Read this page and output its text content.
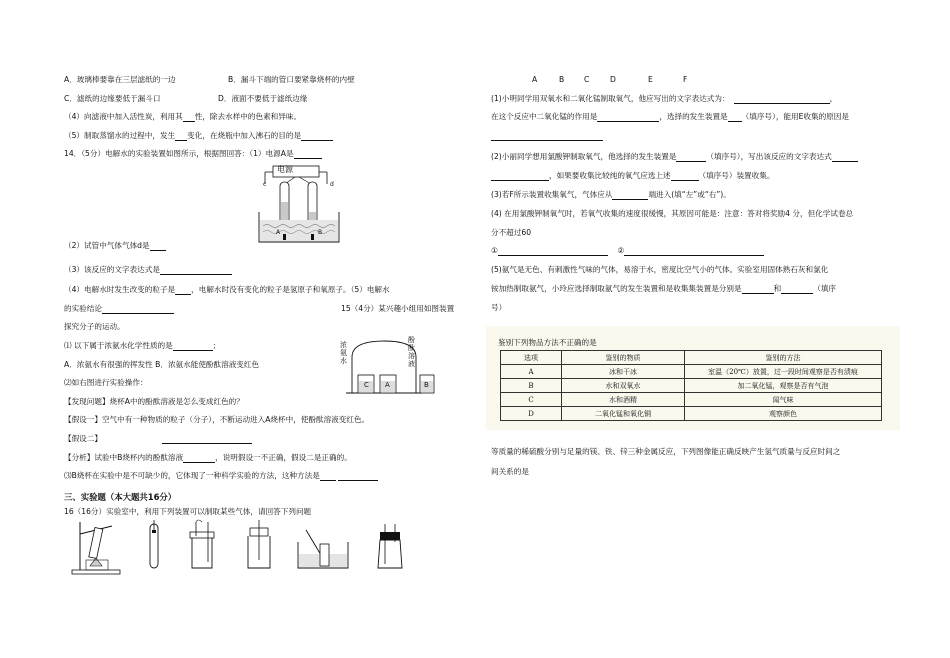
A．玻璃棒要靠在三层滤纸的一边	B．漏斗下端的管口要紧靠烧杯的内壁
C．滤纸的边缘要低于漏斗口	D．液面不要低于滤纸边缘
（4）向滤液中加入活性炭，利用其 性，除去水样中的色素和异味。
（5）制取蒸馏水的过程中，发生 变化，在烧瓶中加入沸石的目的是
14．（5分）电解水的实验装置如图所示，根据图回答：（1）电源A是
电源
c	d
A	B
（2）试管中气体气体d是
（3）该反应的文字表达式是
（4）电解水时发生改变的粒子是 ，电解水时没有变化的粒子是氢原子和氧原子。（5）电解水
的实验结论	15（4分）某兴趣小组用如图装置
探究分子的运动。
⑴ 以下属于浓氨水化学性质的是	；
A．浓氨水有很强的挥发性 B．浓氨水能使酚酞溶液变红色
⑵如右图进行实验操作：
【发现问题】烧杯A中的酚酞溶液是怎么变成红色的？
【假设一】空气中有一种物质的粒子（分子），不断运动进入A烧杯中，使酚酞溶液变红色。
【假设二】
【分析】试验中B烧杯内的酚酞溶液	，说明假设一不正确，假设二是正确的。
⑶B烧杯在实验中是不可缺少的，它体现了一种科学实验的方法，这种方法是
浓氨水
酚酞溶液
C A	B
三、实验题（本大题共16分）
16（16分）实验室中，利用下列装置可以制取某些气体，请回答下列问题
A	B	C	D	E	F
(1)小明同学用双氧水和二氧化锰制取氧气，他应写出的文字表达式为：	，
在这个反应中二氧化锰的作用是	，选择的发生装置是 （填序号），能用E收集的原因是
(2)小丽同学想用氯酸钾制取氧气，他选择的发生装置是	（填序号），写出该反应的文字表达式
，如果要收集比较纯的氧气应选上述	（填序号）装置收集。
(3)若F所示装置收集氧气，气体应从	端进入(填“左”或“右”)。
(4) 在用氯酸钾制氧气时，若氧气收集的速度很缓慢，其原因可能是：注意：答对将奖励4 分，但化学试卷总
分不超过60
①	②
(5)氨气是无色、有刺激性气味的气体，易溶于水，密度比空气小的气体。实验室用固体熟石灰和氯化
铵加热制取氨气，小玲应选择制取氨气的发生装置和是收集集装置是分别是	和	（填序
号）
鉴别下列物品方法不正确的是
选项	鉴别的物质	鉴别的方法
A	冰和干冰	室温（20℃）放置，过一段时间观察是否有渍痕
B	水和双氧水	加二氧化锰，观察是否有气泡
C	水和酒精	闻气味
D	二氧化锰和氧化铜	观察颜色
等质量的稀硫酸分别与足量的镁、铁、锌三种金属反应，下列图像能正确反映产生氢气质量与反应时间之
间关系的是
